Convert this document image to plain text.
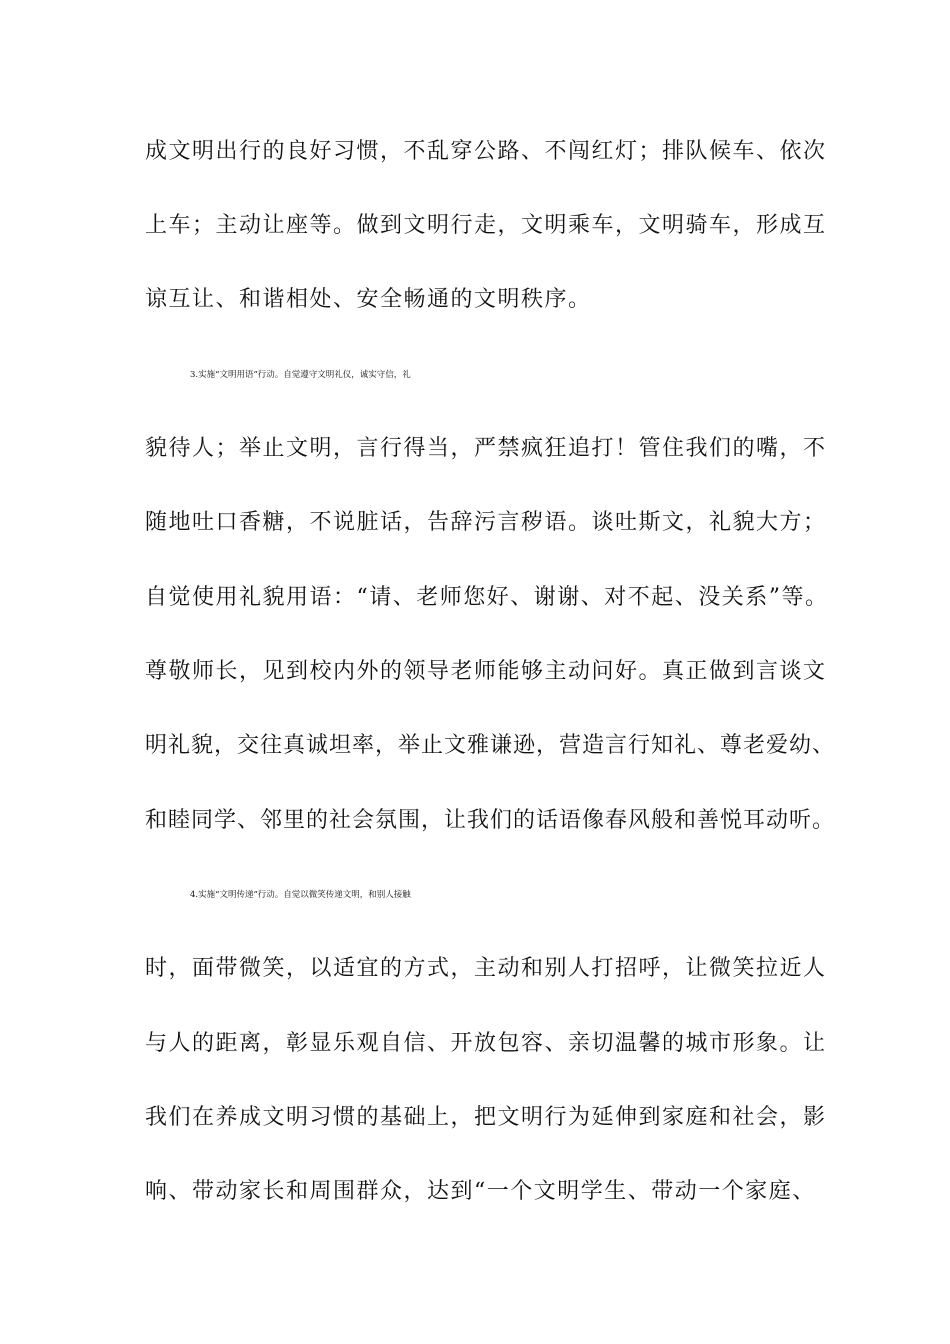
成文明出行的良好习惯，不乱穿公路、不闯红灯；排队候车、依次
上车；主动让座等。做到文明行走，文明乘车，文明骑车，形成互
谅互让、和谐相处、安全畅通的文明秩序。
3.实施“文明用语”行动。自觉遵守文明礼仪，诚实守信，礼
貌待人；举止文明，言行得当，严禁疯狂追打！管住我们的嘴，不
随地吐口香糖，不说脏话，告辞污言秽语。谈吐斯文，礼貌大方；
自觉使用礼貌用语：“请、老师您好、谢谢、对不起、没关系”等。
尊敬师长，见到校内外的领导老师能够主动问好。真正做到言谈文
明礼貌，交往真诚坦率，举止文雅谦逊，营造言行知礼、尊老爱幼、
和睦同学、邻里的社会氛围，让我们的话语像春风般和善悦耳动听。
4.实施“文明传递”行动。自觉以微笑传递文明，和别人接触
时，面带微笑，以适宜的方式，主动和别人打招呼，让微笑拉近人
与人的距离，彰显乐观自信、开放包容、亲切温馨的城市形象。让
我们在养成文明习惯的基础上，把文明行为延伸到家庭和社会，影
响、带动家长和周围群众，达到“一个文明学生、带动一个家庭、
